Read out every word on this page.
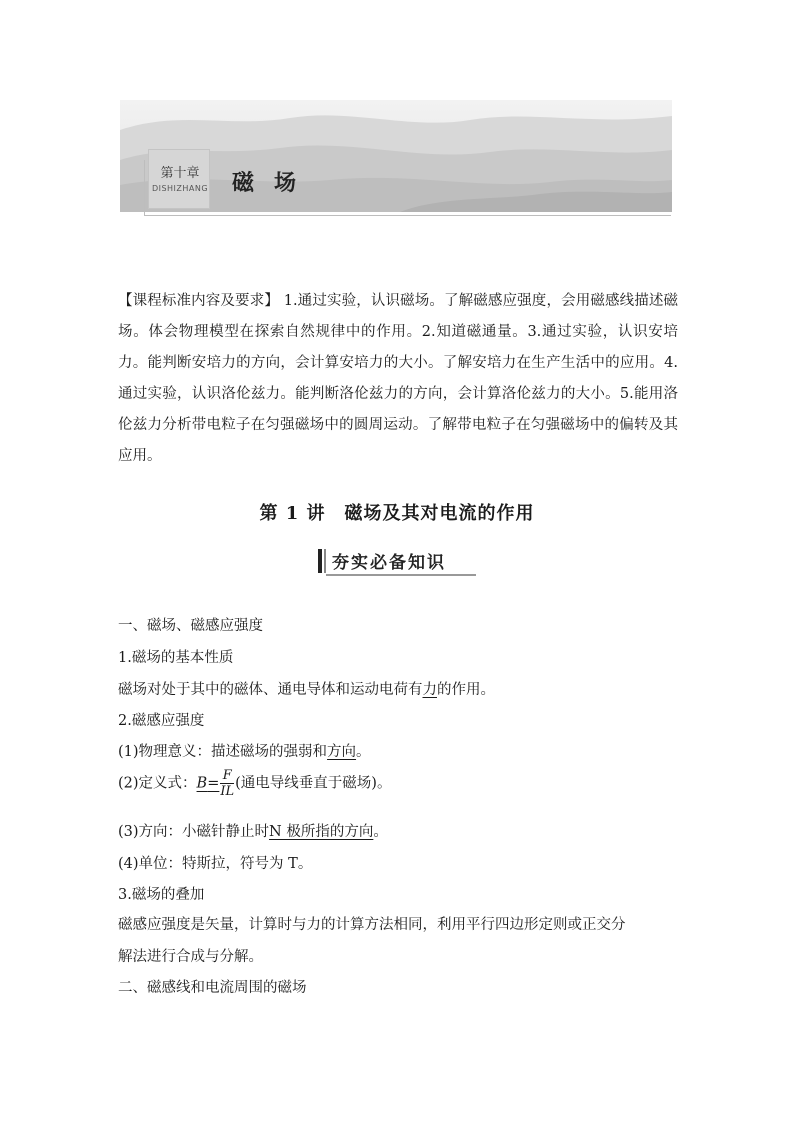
第十章
DISHIZHANG 磁场
【课程标准内容及要求】 1.通过实验，认识磁场。了解磁感应强度，会用磁感线描述磁场。体会物理模型在探索自然规律中的作用。2.知道磁通量。3.通过实验，认识安培力。能判断安培力的方向，会计算安培力的大小。了解安培力在生产生活中的应用。4.通过实验，认识洛伦兹力。能判断洛伦兹力的方向，会计算洛伦兹力的大小。5.能用洛伦兹力分析带电粒子在匀强磁场中的圆周运动。了解带电粒子在匀强磁场中的偏转及其应用。
第 1 讲　磁场及其对电流的作用
夯实必备知识
一、磁场、磁感应强度
1.磁场的基本性质
磁场对处于其中的磁体、通电导体和运动电荷有力的作用。
2.磁感应强度
(1)物理意义：描述磁场的强弱和方向。
(2)定义式：$B= \frac{F}{IL}$ (通电导线垂直于磁场)。
(3)方向：小磁针静止时N 极所指的方向。
(4)单位：特斯拉，符号为 T。
3.磁场的叠加
磁感应强度是矢量，计算时与力的计算方法相同，利用平行四边形定则或正交分
解法进行合成与分解。
二、磁感线和电流周围的磁场
